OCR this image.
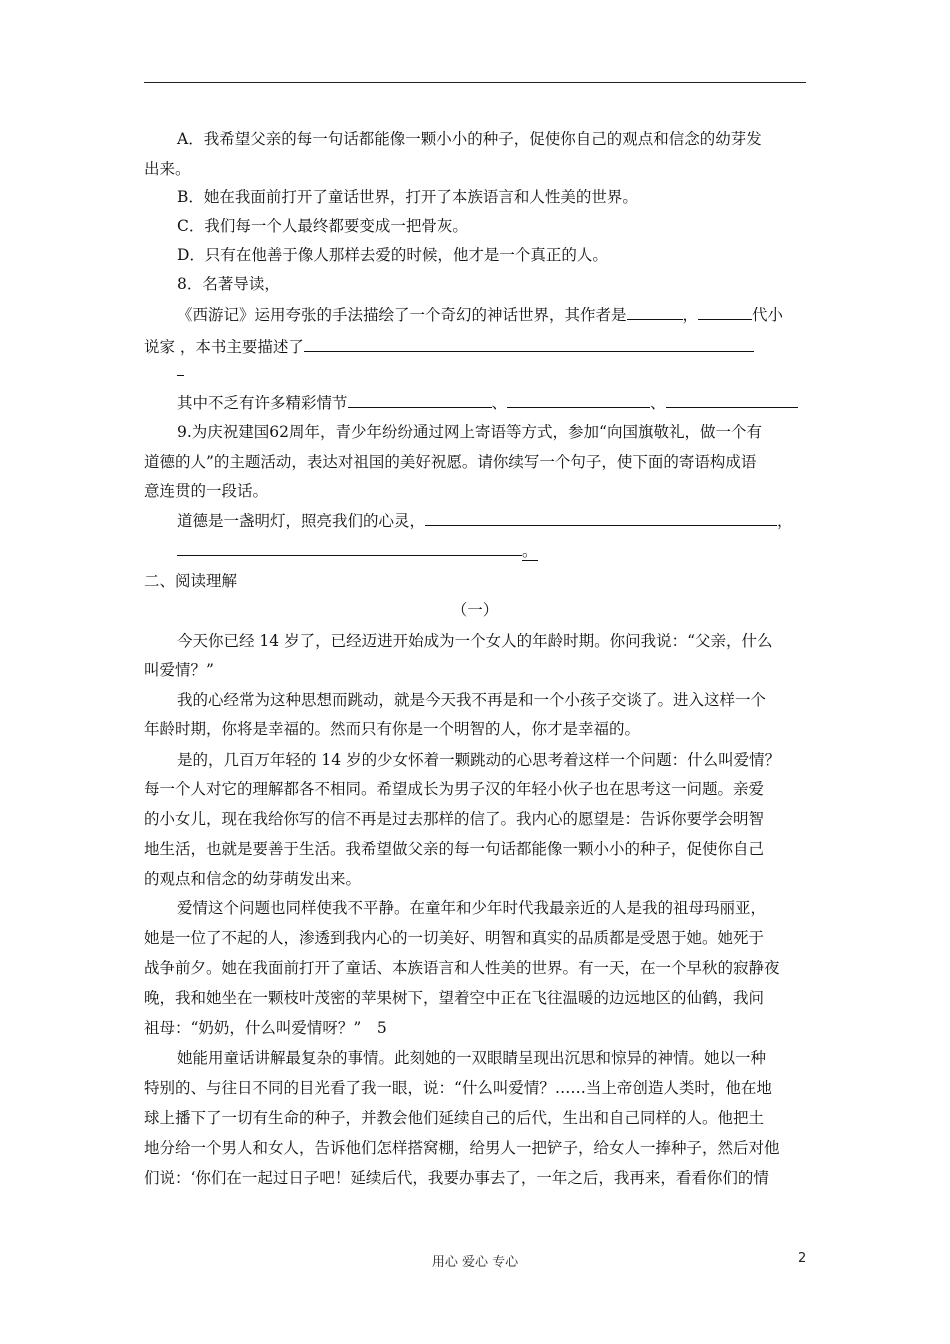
A．我希望父亲的每一句话都能像一颗小小的种子，促使你自己的观点和信念的幼芽发
出来。
B．她在我面前打开了童话世界，打开了本族语言和人性美的世界。
C．我们每一个人最终都要变成一把骨灰。
D．只有在他善于像人那样去爱的时候，他才是一个真正的人。
8．名著导读，
《西游记》运用夸张的手法描绘了一个奇幻的神话世界，其作者是	，	代小
说家 ，本书主要描述了
其中不乏有许多精彩情节	、	、
9.为庆祝建国62周年，青少年纷纷通过网上寄语等方式，参加“向国旗敬礼，做一个有
道德的人”的主题活动，表达对祖国的美好祝愿。请你续写一个句子，使下面的寄语构成语
意连贯的一段话。
道德是一盏明灯，照亮我们的心灵，	，
。
二、阅读理解
（一）
今天你已经 14 岁了，已经迈进开始成为一个女人的年龄时期。你问我说：“父亲，什么
叫爱情？”
我的心经常为这种思想而跳动，就是今天我不再是和一个小孩子交谈了。进入这样一个
年龄时期，你将是幸福的。然而只有你是一个明智的人，你才是幸福的。
是的，几百万年轻的 14 岁的少女怀着一颗跳动的心思考着这样一个问题：什么叫爱情？
每一个人对它的理解都各不相同。希望成长为男子汉的年轻小伙子也在思考这一问题。亲爱
的小女儿，现在我给你写的信不再是过去那样的信了。我内心的愿望是：告诉你要学会明智
地生活，也就是要善于生活。我希望做父亲的每一句话都能像一颗小小的种子，促使你自己
的观点和信念的幼芽萌发出来。
爱情这个问题也同样使我不平静。在童年和少年时代我最亲近的人是我的祖母玛丽亚，
她是一位了不起的人，渗透到我内心的一切美好、明智和真实的品质都是受恩于她。她死于
战争前夕。她在我面前打开了童话、本族语言和人性美的世界。有一天，在一个早秋的寂静夜
晚，我和她坐在一颗枝叶茂密的苹果树下，望着空中正在飞往温暖的边远地区的仙鹤，我问
祖母：“奶奶，什么叫爱情呀？”　5
她能用童话讲解最复杂的事情。此刻她的一双眼睛呈现出沉思和惊异的神情。她以一种
特别的、与往日不同的目光看了我一眼，说：“什么叫爱情？……当上帝创造人类时，他在地
球上播下了一切有生命的种子，并教会他们延续自己的后代，生出和自己同样的人。他把土
地分给一个男人和女人，告诉他们怎样搭窝棚，给男人一把铲子，给女人一捧种子，然后对他
们说：‘你们在一起过日子吧！延续后代，我要办事去了，一年之后，我再来，看看你们的情
用心 爱心 专心	2
